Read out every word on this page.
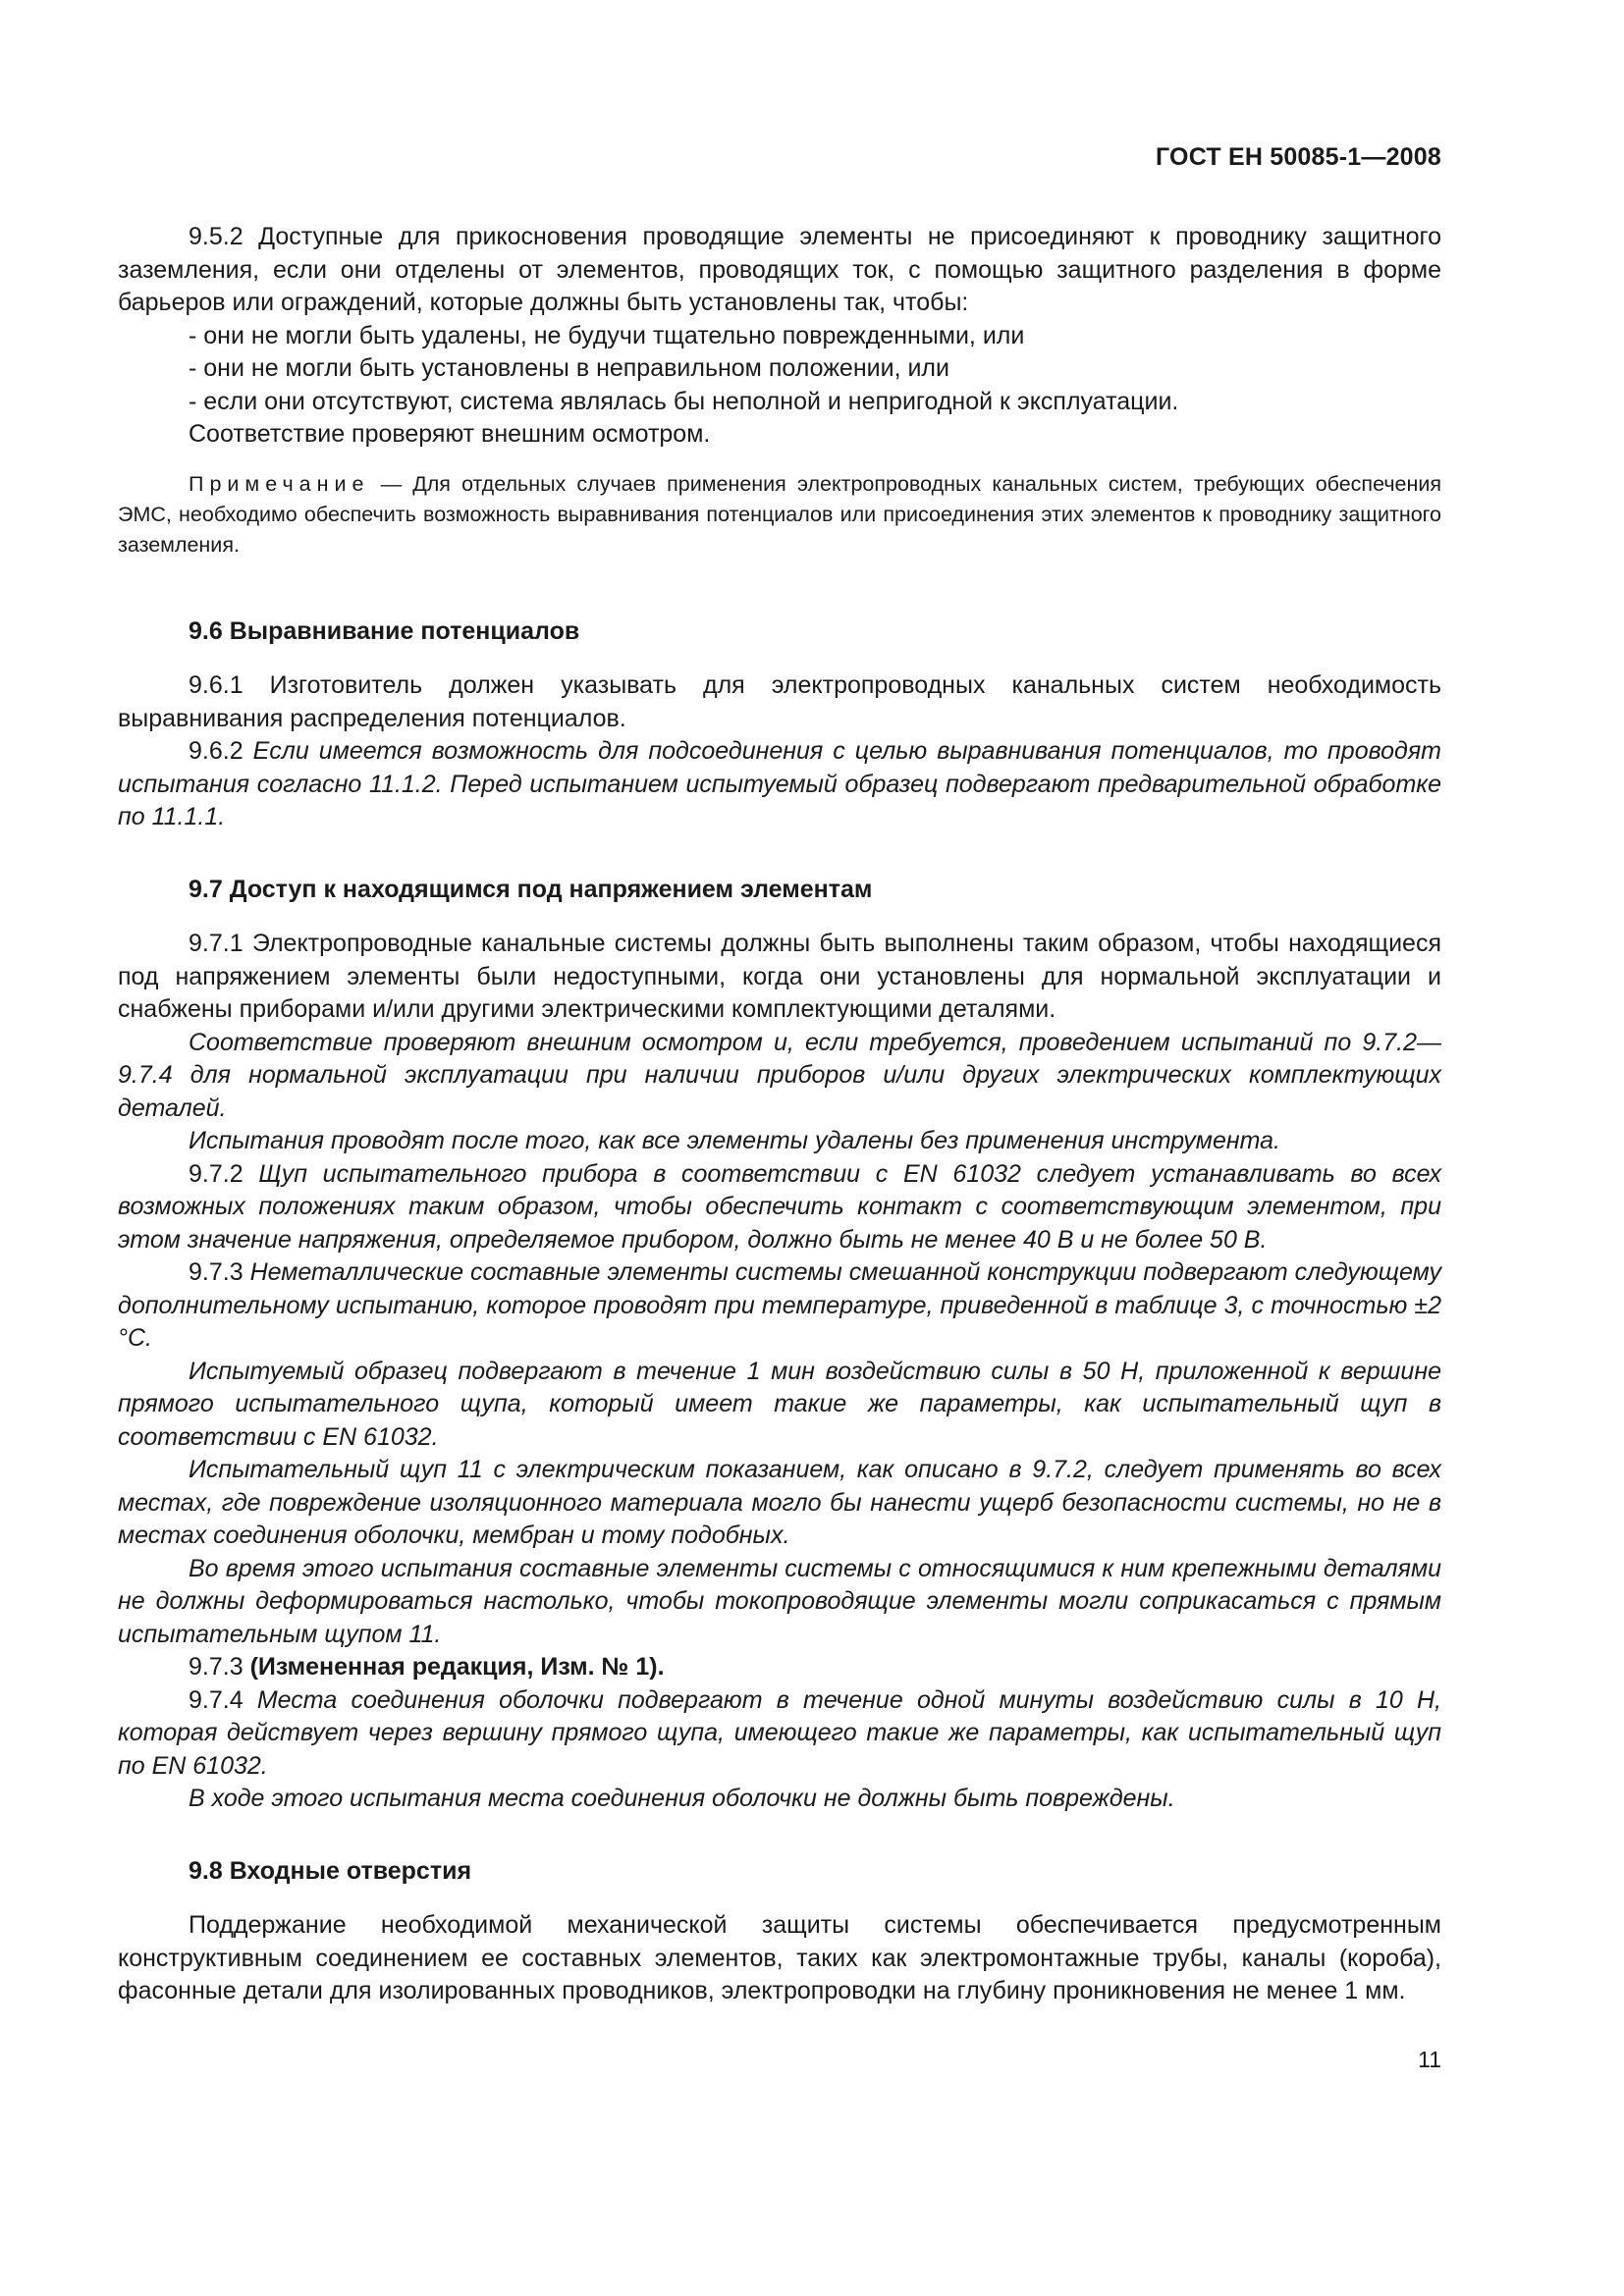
ГОСТ ЕН 50085-1—2008

9.5.2 Доступные для прикосновения проводящие элементы не присоединяют к проводнику защитного заземления, если они отделены от элементов, проводящих ток, с помощью защитного разделения в форме барьеров или ограждений, которые должны быть установлены так, чтобы:

- они не могли быть удалены, не будучи тщательно поврежденными, или

- они не могли быть установлены в неправильном положении, или

- если они отсутствуют, система являлась бы неполной и непригодной к эксплуатации.

Соответствие проверяют внешним осмотром.

Примечание — Для отдельных случаев применения электропроводных канальных систем, требующих обеспечения ЭМС, необходимо обеспечить возможность выравнивания потенциалов или присоединения этих элементов к проводнику защитного заземления.

9.6 Выравнивание потенциалов

9.6.1 Изготовитель должен указывать для электропроводных канальных систем необходимость выравнивания распределения потенциалов.

9.6.2 Если имеется возможность для подсоединения с целью выравнивания потенциалов, то проводят испытания согласно 11.1.2. Перед испытанием испытуемый образец подвергают предварительной обработке по 11.1.1.

9.7 Доступ к находящимся под напряжением элементам

9.7.1 Электропроводные канальные системы должны быть выполнены таким образом, чтобы находящиеся под напряжением элементы были недоступными, когда они установлены для нормальной эксплуатации и снабжены приборами и/или другими электрическими комплектующими деталями.

Соответствие проверяют внешним осмотром и, если требуется, проведением испытаний по 9.7.2—9.7.4 для нормальной эксплуатации при наличии приборов и/или других электрических комплектующих деталей.

Испытания проводят после того, как все элементы удалены без применения инструмента.

9.7.2 Щуп испытательного прибора в соответствии с EN 61032 следует устанавливать во всех возможных положениях таким образом, чтобы обеспечить контакт с соответствующим элементом, при этом значение напряжения, определяемое прибором, должно быть не менее 40 В и не более 50 В.

9.7.3 Неметаллические составные элементы системы смешанной конструкции подвергают следующему дополнительному испытанию, которое проводят при температуре, приведенной в таблице 3, с точностью ±2 °С.

Испытуемый образец подвергают в течение 1 мин воздействию силы в 50 Н, приложенной к вершине прямого испытательного щупа, который имеет такие же параметры, как испытательный щуп в соответствии с EN 61032.

Испытательный щуп 11 с электрическим показанием, как описано в 9.7.2, следует применять во всех местах, где повреждение изоляционного материала могло бы нанести ущерб безопасности системы, но не в местах соединения оболочки, мембран и тому подобных.

Во время этого испытания составные элементы системы с относящимися к ним крепежными деталями не должны деформироваться настолько, чтобы токопроводящие элементы могли соприкасаться с прямым испытательным щупом 11.

9.7.3 (Измененная редакция, Изм. № 1).

9.7.4 Места соединения оболочки подвергают в течение одной минуты воздействию силы в 10 Н, которая действует через вершину прямого щупа, имеющего такие же параметры, как испытательный щуп по EN 61032.

В ходе этого испытания места соединения оболочки не должны быть повреждены.

9.8 Входные отверстия

Поддержание необходимой механической защиты системы обеспечивается предусмотренным конструктивным соединением ее составных элементов, таких как электромонтажные трубы, каналы (короба), фасонные детали для изолированных проводников, электропроводки на глубину проникновения не менее 1 мм.

11
